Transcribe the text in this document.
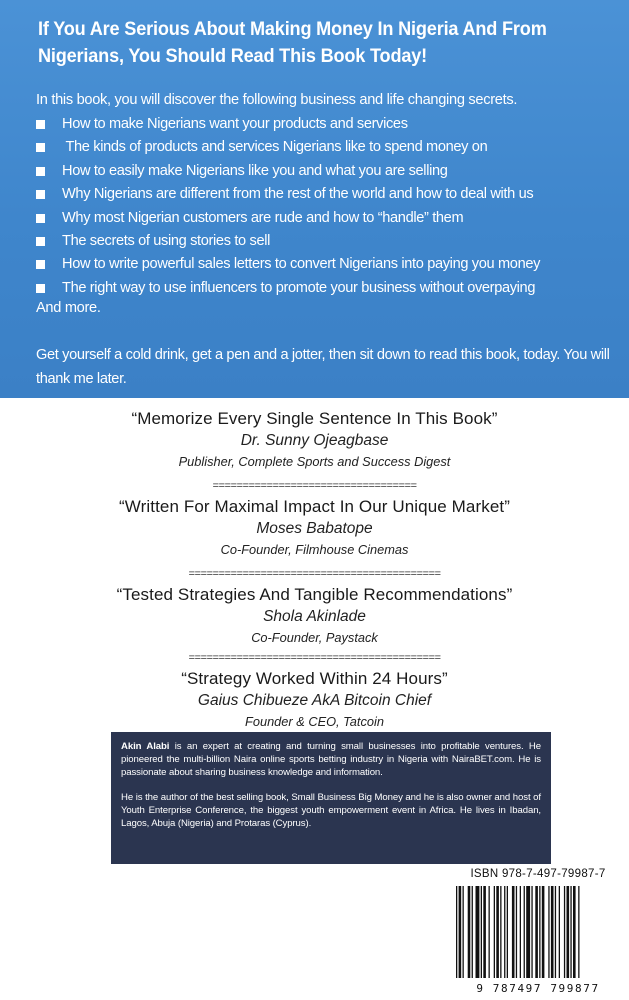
If You Are Serious About Making Money In Nigeria And From Nigerians, You Should Read This Book Today!
In this book, you will discover the following business and life changing secrets.
How to make Nigerians want your products and services
The kinds of products and services Nigerians like to spend money on
How to easily make Nigerians like you and what you are selling
Why Nigerians are different from the rest of the world and how to deal with us
Why most Nigerian customers are rude and how to “handle” them
The secrets of using stories to sell
How to write powerful sales letters to convert Nigerians into paying you money
The right way to use influencers to promote your business without overpaying
And more.
Get yourself a cold drink, get a pen and a jotter, then sit down to read this book, today. You will thank me later.
“Memorize Every Single Sentence In This Book”
Dr. Sunny Ojeagbase
Publisher, Complete Sports and Success Digest
==================================
“Written For Maximal Impact In Our Unique Market”
Moses Babatope
Co-Founder, Filmhouse Cinemas
==========================================
“Tested Strategies And Tangible Recommendations”
Shola Akinlade
Co-Founder, Paystack
==========================================
“Strategy Worked Within 24 Hours”
Gaius Chibueze AkA Bitcoin Chief
Founder & CEO, Tatcoin

Akin Alabi is an expert at creating and turning small businesses into profitable ventures. He pioneered the multi-billion Naira online sports betting industry in Nigeria with NairaBET.com. He is passionate about sharing business knowledge and information.

He is the author of the best selling book, Small Business Big Money and he is also owner and host of Youth Enterprise Conference, the biggest youth empowerment event in Africa. He lives in Ibadan, Lagos, Abuja (Nigeria) and Protaras (Cyprus).

ISBN 978-7-497-79987-7
9 787497 799877
